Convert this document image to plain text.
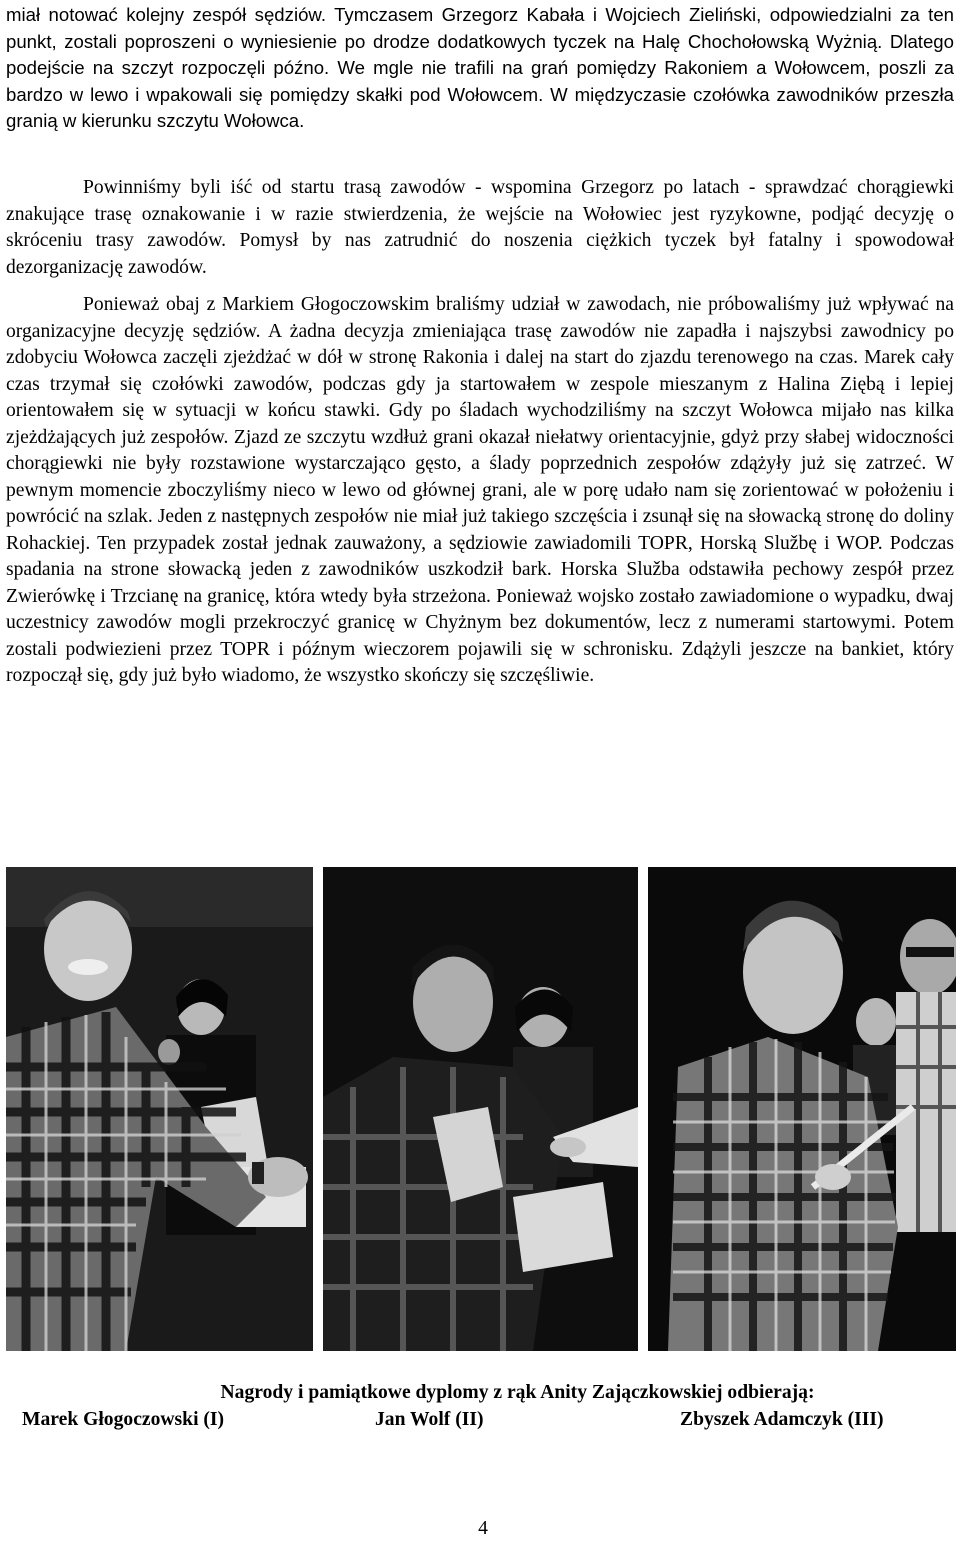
miał notować kolejny zespół sędziów. Tymczasem Grzegorz Kabała i Wojciech Zieliński, odpowiedzialni za ten punkt, zostali poproszeni o wyniesienie po drodze dodatkowych tyczek na Halę Chochołowską Wyżnią. Dlatego podejście na szczyt rozpoczęli późno. We mgle nie trafili na grań pomiędzy Rakoniem a Wołowcem, poszli za bardzo w lewo i wpakowali się pomiędzy skałki pod Wołowcem. W międzyczasie czołówka zawodników przeszła granią w kierunku szczytu Wołowca.

Powinniśmy byli iść od startu trasą zawodów - wspomina Grzegorz po latach - sprawdzać chorągiewki znakujące trasę oznakowanie i w razie stwierdzenia, że wejście na Wołowiec jest ryzykowne, podjąć decyzję o skróceniu trasy zawodów. Pomysł by nas zatrudnić do noszenia ciężkich tyczek był fatalny i spowodował dezorganizację zawodów.

Ponieważ obaj z Markiem Głogoczowskim braliśmy udział w zawodach, nie próbowaliśmy już wpływać na organizacyjne decyzję sędziów. A żadna decyzja zmieniająca trasę zawodów nie zapadła i najszybsi zawodnicy po zdobyciu Wołowca zaczęli zjeżdżać w dół w stronę Rakonia i dalej na start do zjazdu terenowego na czas. Marek cały czas trzymał się czołówki zawodów, podczas gdy ja startowałem w zespole mieszanym z Halina Ziębą i lepiej orientowałem się w sytuacji w końcu stawki. Gdy po śladach wychodziliśmy na szczyt Wołowca mijało nas kilka zjeżdżających już zespołów. Zjazd ze szczytu wzdłuż grani okazał niełatwy orientacyjnie, gdyż przy słabej widoczności chorągiewki nie były rozstawione wystarczająco gęsto, a ślady poprzednich zespołów zdążyły już się zatrzeć. W pewnym momencie zboczyliśmy nieco w lewo od głównej grani, ale w porę udało nam się zorientować w położeniu i powrócić na szlak. Jeden z następnych zespołów nie miał już takiego szczęścia i zsunął się na słowacką stronę do doliny Rohackiej. Ten przypadek został jednak zauważony, a sędziowie zawiadomili TOPR, Horską Službę i WOP. Podczas spadania na strone słowacką jeden z zawodników uszkodził bark. Horska Služba odstawiła pechowy zespół przez Zwierówkę i Trzcianę na granicę, która wtedy była strzeżona. Ponieważ wojsko zostało zawiadomione o wypadku, dwaj uczestnicy zawodów mogli przekroczyć granicę w Chyżnym bez dokumentów, lecz z numerami startowymi. Potem zostali podwiezieni przez TOPR i późnym wieczorem pojawili się w schronisku. Zdążyli jeszcze na bankiet, który rozpoczął się, gdy już było wiadomo, że wszystko skończy się szczęśliwie.

Nagrody i pamiątkowe dyplomy z rąk Anity Zajączkowskiej odbierają:
Marek Głogoczowski (I)	Jan Wolf (II)	Zbyszek Adamczyk (III)
4
